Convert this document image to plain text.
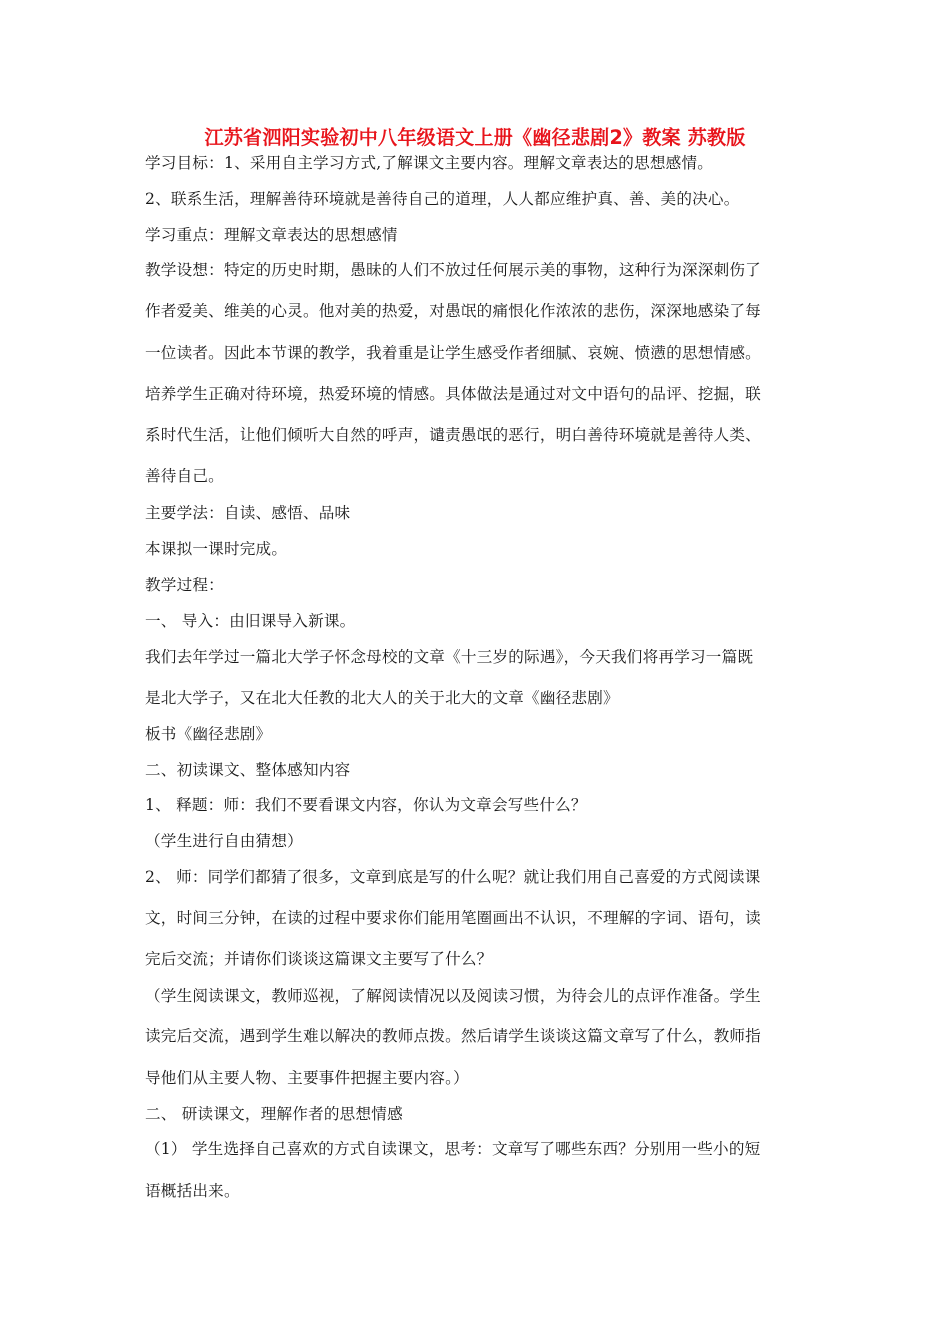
江苏省泗阳实验初中八年级语文上册《幽径悲剧2》教案 苏教版
学习目标：1、采用自主学习方式,了解课文主要内容。理解文章表达的思想感情。
2、联系生活，理解善待环境就是善待自己的道理，人人都应维护真、善、美的决心。
学习重点：理解文章表达的思想感情
教学设想：特定的历史时期，愚昧的人们不放过任何展示美的事物，这种行为深深刺伤了
作者爱美、维美的心灵。他对美的热爱，对愚氓的痛恨化作浓浓的悲伤，深深地感染了每
一位读者。因此本节课的教学，我着重是让学生感受作者细腻、哀婉、愤懑的思想情感。
培养学生正确对待环境，热爱环境的情感。具体做法是通过对文中语句的品评、挖掘，联
系时代生活，让他们倾听大自然的呼声，谴责愚氓的恶行，明白善待环境就是善待人类、
善待自己。
主要学法：自读、感悟、品味
本课拟一课时完成。
教学过程：
一、 导入：由旧课导入新课。
我们去年学过一篇北大学子怀念母校的文章《十三岁的际遇》，今天我们将再学习一篇既
是北大学子，又在北大任教的北大人的关于北大的文章《幽径悲剧》
板书《幽径悲剧》
二、初读课文、整体感知内容
1、 释题：师：我们不要看课文内容，你认为文章会写些什么？
（学生进行自由猜想）
2、 师：同学们都猜了很多，文章到底是写的什么呢？就让我们用自己喜爱的方式阅读课
文，时间三分钟，在读的过程中要求你们能用笔圈画出不认识，不理解的字词、语句，读
完后交流；并请你们谈谈这篇课文主要写了什么？
（学生阅读课文，教师巡视，了解阅读情况以及阅读习惯，为待会儿的点评作准备。学生
读完后交流，遇到学生难以解决的教师点拨。然后请学生谈谈这篇文章写了什么，教师指
导他们从主要人物、主要事件把握主要内容。）
二、 研读课文，理解作者的思想情感
（1） 学生选择自己喜欢的方式自读课文，思考：文章写了哪些东西？分别用一些小的短
语概括出来。
